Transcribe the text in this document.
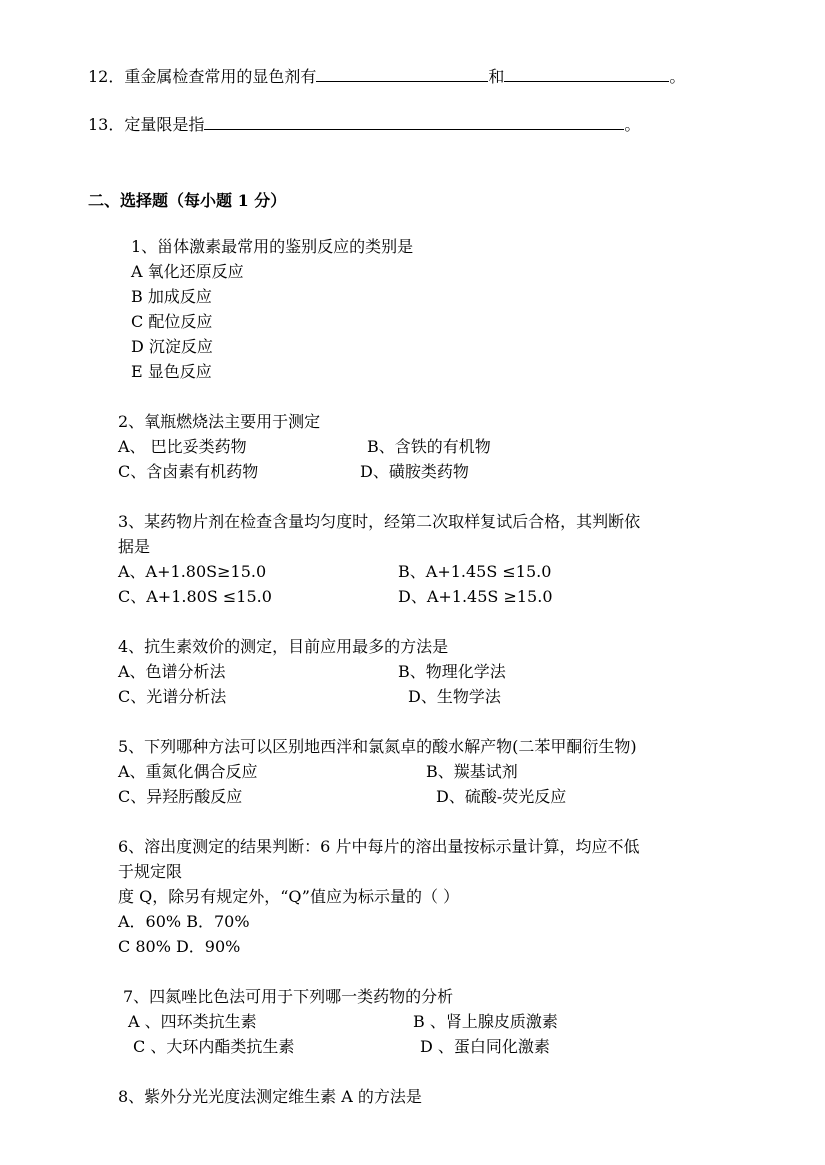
12．重金属检查常用的显色剂有	和	。
13．定量限是指	。
二、选择题（每小题 1 分）
1、甾体激素最常用的鉴别反应的类别是
A 氧化还原反应
B 加成反应
C 配位反应
D 沉淀反应
E 显色反应
2、氧瓶燃烧法主要用于测定
A、 巴比妥类药物	B、含铁的有机物
C、含卤素有机药物	D、磺胺类药物
3、某药物片剂在检查含量均匀度时，经第二次取样复试后合格，其判断依
据是
A、A+1.80S≥15.0	B、A+1.45S ≤15.0
C、A+1.80S ≤15.0	D、A+1.45S ≥15.0
4、抗生素效价的测定，目前应用最多的方法是
A、色谱分析法	B、物理化学法
C、光谱分析法	D、生物学法
5、下列哪种方法可以区别地西泮和氯氮卓的酸水解产物(二苯甲酮衍生物)
A、重氮化偶合反应	B、羰基试剂
C、异羟肟酸反应	D、硫酸-荧光反应
6、溶出度测定的结果判断：6 片中每片的溶出量按标示量计算，均应不低
于规定限
度 Q，除另有规定外，“Q”值应为标示量的（ ）
A．60% B．70%
C 80% D．90%
7、四氮唑比色法可用于下列哪一类药物的分析
A 、四环类抗生素	B 、肾上腺皮质激素
C 、大环内酯类抗生素	D 、蛋白同化激素
8、紫外分光光度法测定维生素 A 的方法是
